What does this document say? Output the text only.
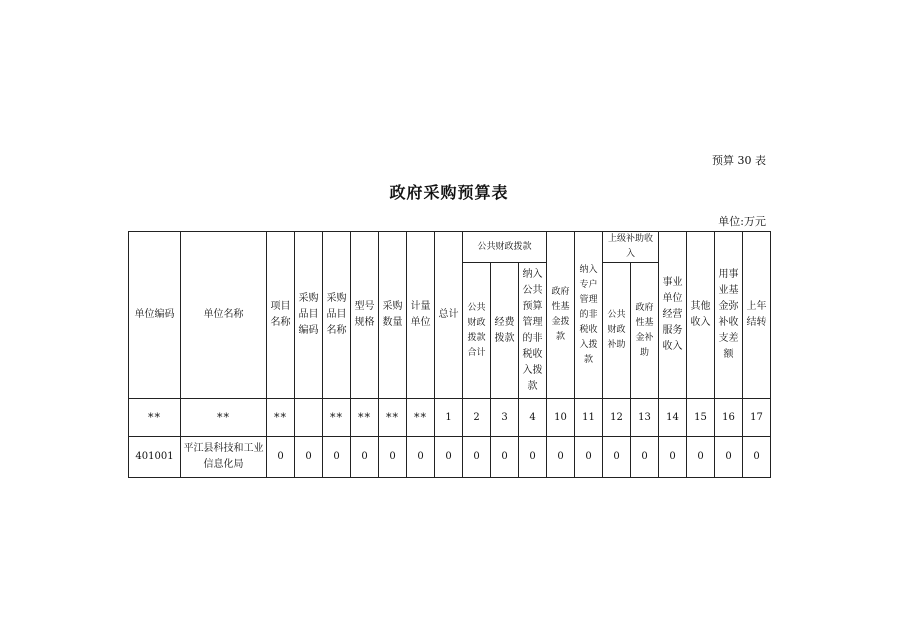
预算 30 表
政府采购预算表
单位:万元
单位编码	单位名称	项目名称	采购品目编码	采购品目名称	型号规格	采购数量	计量单位	总计	公共财政拨款			政府性基金拨款	纳入专户管理的非税收入拨款	上级补助收入		事业单位经营服务收入	其他收入	用事业基金弥补收支差额	上年结转
									公共财政拨款合计	经费拨款	纳入公共预算管理的非税收入拨款			公共财政补助	政府性基金补助				
**	**	**		**	**	**	**	1	2	3	4	10	11	12	13	14	15	16	17
401001	平江县科技和工业信息化局	0	0	0	0	0	0	0	0	0	0	0	0	0	0	0	0	0	0
